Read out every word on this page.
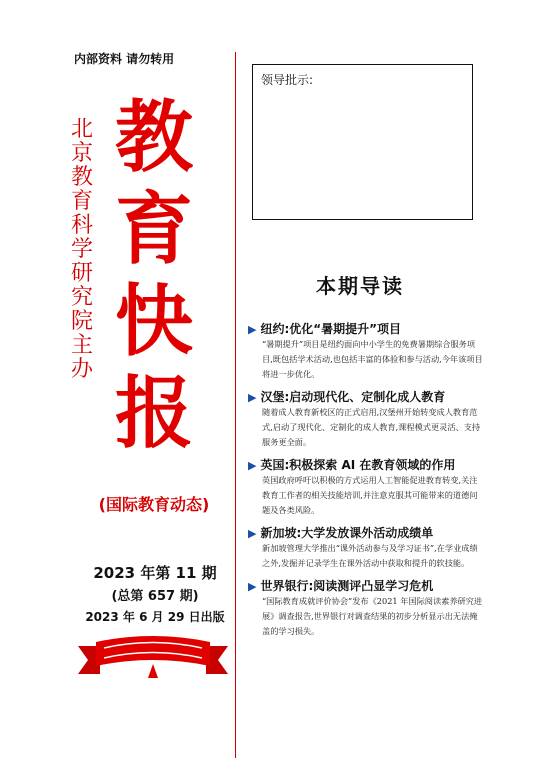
内部资料 请勿转用
北京教育科学研究院 主办
教育快报
(国际教育动态)
2023 年第 11 期
(总第 657 期)
2023 年 6 月 29 日出版
领导批示:
本期导读
▶ 纽约:优化“暑期提升”项目
“暑期提升”项目是纽约面向中小学生的免费暑期综合服务项目,既包括学术活动,也包括丰富的体验和参与活动,今年该项目将进一步优化。
▶ 汉堡:启动现代化、定制化成人教育
随着成人教育新校区的正式启用,汉堡州开始转变成人教育范式,启动了现代化、定制化的成人教育,课程模式更灵活、支持服务更全面。
▶ 英国:积极探索 AI 在教育领域的作用
英国政府呼吁以积极的方式运用人工智能促进教育转变,关注教育工作者的相关技能培训,并注意克服其可能带来的道德问题及各类风险。
▶ 新加坡:大学发放课外活动成绩单
新加坡管理大学推出“课外活动参与及学习证书”,在学业成绩之外,发掘并记录学生在课外活动中获取和提升的软技能。
▶ 世界银行:阅读测评凸显学习危机
“国际教育成就评价协会”发布《2021 年国际阅读素养研究进展》调查报告,世界银行对调查结果的初步分析显示出无法掩盖的学习损失。
